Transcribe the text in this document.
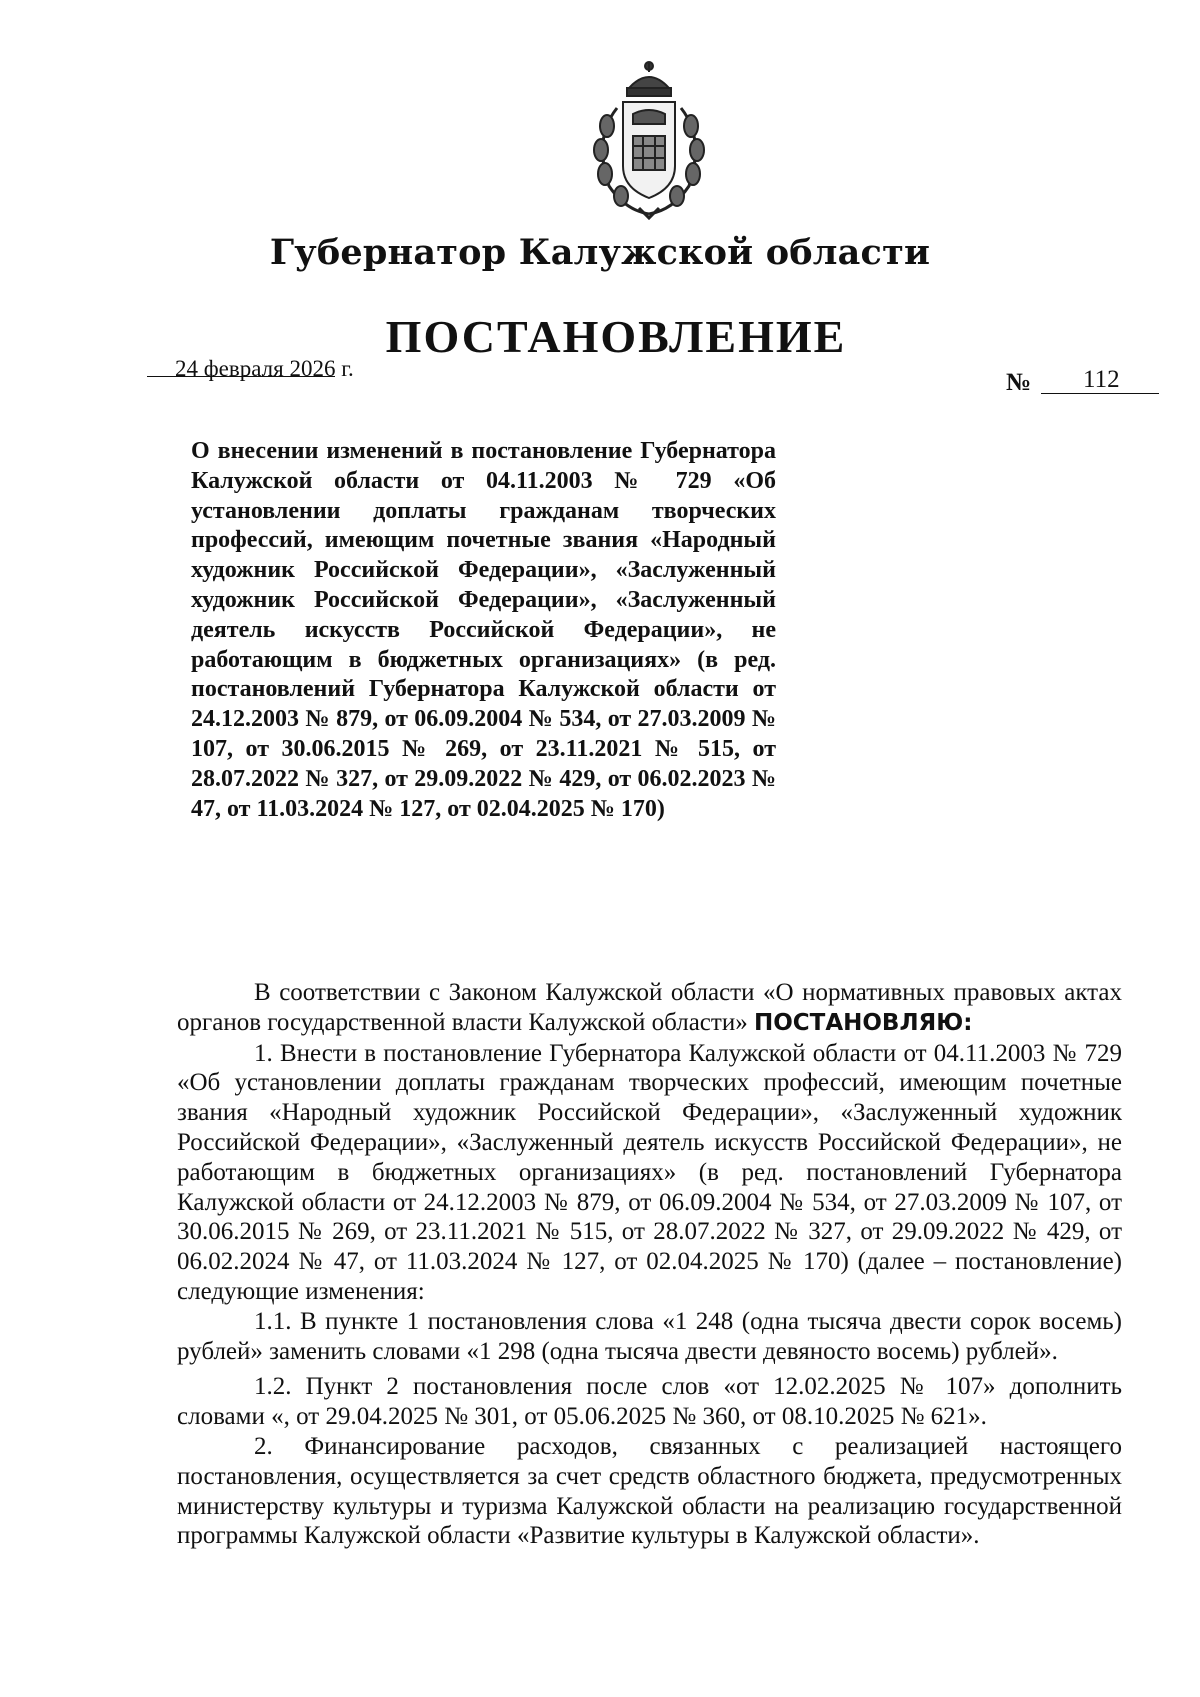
Губернатор Калужской области
ПОСТАНОВЛЕНИЕ
24 февраля 2026 г.
№ 112
О внесении изменений в постановление Губернатора Калужской области от 04.11.2003 № 729 «Об установлении доплаты гражданам творческих профессий, имеющим почетные звания «Народный художник Российской Федерации», «Заслуженный художник Российской Федерации», «Заслуженный деятель искусств Российской Федерации», не работающим в бюджетных организациях» (в ред. постановлений Губернатора Калужской области от 24.12.2003 № 879, от 06.09.2004 № 534, от 27.03.2009 № 107, от 30.06.2015 № 269, от 23.11.2021 № 515, от 28.07.2022 № 327, от 29.09.2022 № 429, от 06.02.2023 № 47, от 11.03.2024 № 127, от 02.04.2025 № 170)

В соответствии с Законом Калужской области «О нормативных правовых актах органов государственной власти Калужской области» ПОСТАНОВЛЯЮ:

1. Внести в постановление Губернатора Калужской области от 04.11.2003 № 729 «Об установлении доплаты гражданам творческих профессий, имеющим почетные звания «Народный художник Российской Федерации», «Заслуженный художник Российской Федерации», «Заслуженный деятель искусств Российской Федерации», не работающим в бюджетных организациях» (в ред. постановлений Губернатора Калужской области от 24.12.2003 № 879, от 06.09.2004 № 534, от 27.03.2009 № 107, от 30.06.2015 № 269, от 23.11.2021 № 515, от 28.07.2022 № 327, от 29.09.2022 № 429, от 06.02.2024 № 47, от 11.03.2024 № 127, от 02.04.2025 № 170) (далее – постановление) следующие изменения:

1.1. В пункте 1 постановления слова «1 248 (одна тысяча двести сорок восемь) рублей» заменить словами «1 298 (одна тысяча двести девяносто восемь) рублей».

1.2. Пункт 2 постановления после слов «от 12.02.2025 № 107» дополнить словами «, от 29.04.2025 № 301, от 05.06.2025 № 360, от 08.10.2025 № 621».

2. Финансирование расходов, связанных с реализацией настоящего постановления, осуществляется за счет средств областного бюджета, предусмотренных министерству культуры и туризма Калужской области на реализацию государственной программы Калужской области «Развитие культуры в Калужской области».
